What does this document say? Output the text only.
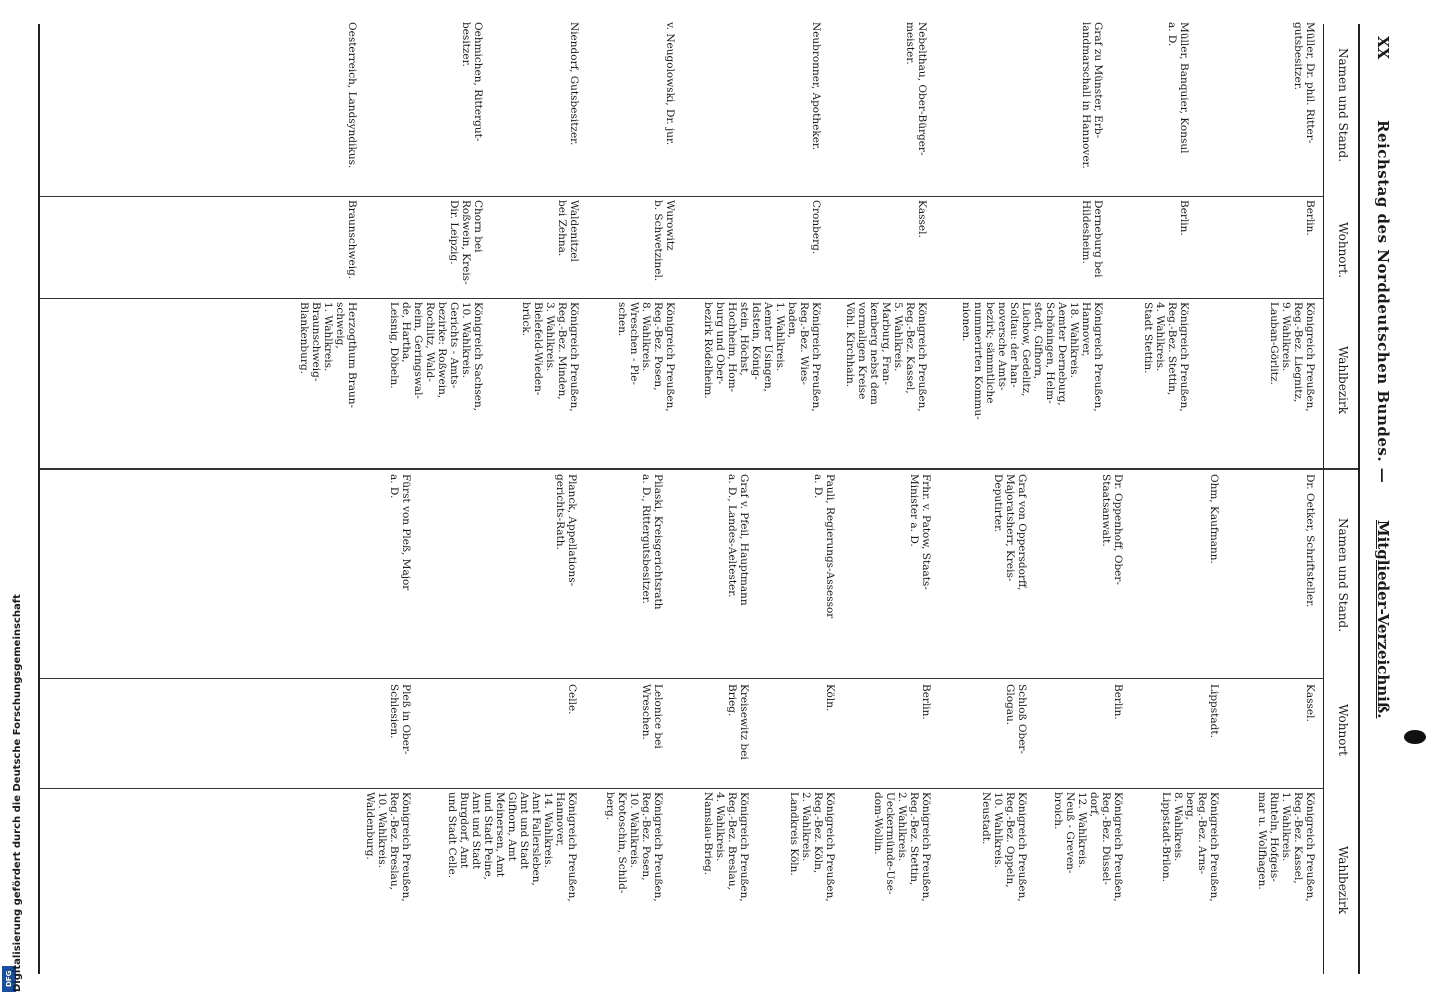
XX
Reichstag des Norddeutschen Bundes. —
Mitglieder-Verzeichniß.
Namen und Stand.
Wohnort.
Wahlbezirk
Namen und Stand.
Wohnort
Wahlbezirk
Müller, Dr. phil. Ritter-
gutsbesitzer.
Berlin.
Königreich Preußen,
Reg.-Bez. Liegnitz,
9. Wahlkreis.
Lauban-Görlitz.
Müller, Banquier, Konsul
a. D.
Berlin.
Königreich Preußen,
Reg.-Bez. Stettin,
4. Wahlkreis.
Stadt Stettin.
Graf zu Münster, Erb-
landmarschall in Hannover.
Derneburg bei
Hildesheim.
Königreich Preußen,
Hannover,
18. Wahlkreis.
Aemter Derneburg,
Schöningen, Helm-
stedt, Gifhorn,
Lüchow, Gedelitz,
Soltau: der han-
noversche Amts-
bezirk; sämmtliche
nummerirten Kommu-
nionen.
Nebelthau, Ober-Bürger-
meister.
Kassel.
Königreich Preußen,
Reg.-Bez. Kassel,
5. Wahlkreis.
Marburg, Fran-
kenberg nebst dem
vormaligen Kreise
Vöhl. Kirchhain.
Neubronner, Apotheker.
Cronberg.
Königreich Preußen,
Reg.-Bez. Wies-
baden,
1. Wahlkreis.
Aemter Usingen,
Idstein, König-
stein, Höchst,
Hochheim, Hom-
burg und Ober-
bezirk Rödelheim.
v. Neugolowski, Dr. jur.
Wurowitz
b. Schwetzinel.
Königreich Preußen,
Reg.-Bez. Posen,
8. Wahlkreis.
Wreschen - Ple-
schen.
Niendorf, Gutsbesitzer.
Waldenitzel
bei Zehna.
Königreich Preußen,
Reg.-Bez. Minden,
3. Wahlkreis.
Bielefeld-Wieden-
brück.
Oehmichen, Rittergut-
besitzer.
Chorn bei
Roßwein, Kreis-
Dir. Leipzig.
Königreich Sachsen,
10. Wahlkreis.
Gerichts - Amts-
bezirke: Roßwein,
Rochlitz, Wald-
heim, Geringswal-
de, Hartha,
Leisnig, Döbeln.
Oesterreich, Landsyndikus.
Braunschweig.
Herzogthum Braun-
schweig,
1. Wahlkreis.
Braunschweig-
Blankenburg.
Dr. Oetker, Schriftsteller.
Kassel.
Königreich Preußen,
Reg.-Bez. Kassel,
1. Wahlkreis.
Rinteln, Hofgeis-
mar u. Wolfhagen.
Ohm, Kaufmann.
Lippstadt.
Königreich Preußen,
Reg.-Bez. Arns-
berg,
8. Wahlkreis.
Lippstadt-Brilon.
Dr. Oppenhoff, Ober-
Staatsanwalt.
Berlin.
Königreich Preußen,
Reg.-Bez. Düssel-
dorf,
12. Wahlkreis.
Neuß - Greven-
broich.
Graf von Oppersdorff,
Majoratsherr, Kreis-
Deputirter.
Schloß Ober-
Glogau.
Königreich Preußen,
Reg.-Bez. Oppeln,
10. Wahlkreis.
Neustadt.
Frhr. v. Patow, Staats-
Minister a. D.
Berlin.
Königreich Preußen,
Reg.-Bez. Stettin,
2. Wahlkreis.
Ueckermünde-Use-
dom-Wollin.
Pauli, Regierungs-Assessor
a. D.
Köln.
Königreich Preußen,
Reg.-Bez. Köln,
2. Wahlkreis.
Landkreis Köln.
Graf v. Pfeil, Hauptmann
a. D., Landes-Aeltester.
Kreisewitz bei
Brieg.
Königreich Preußen,
Reg.-Bez. Breslau,
4. Wahlkreis.
Namslau-Brieg.
Pilaski, Kreisgerichtsrath
a. D., Rittergutsbesitzer.
Lelonice bei
Wreschen.
Königreich Preußen,
Reg.-Bez. Posen,
10. Wahlkreis.
Krotoschin, Schild-
berg.
Planck, Appellations-
gerichts-Rath.
Celle.
Königreich Preußen,
Hannover,
14. Wahlkreis.
Amt Fallersleben,
Amt und Stadt
Gifhorn, Amt
Meinersen, Amt
und Stadt Peine,
Amt und Stadt
Burgdorf, Amt
und Stadt Celle.
Fürst von Pleß, Major
a. D.
Pleß in Ober-
Schlesien.
Königreich Preußen,
Reg.-Bez. Breslau,
10. Wahlkreis.
Waldenburg.
DFG Digitalisierung gefördert durch die Deutsche Forschungsgemeinschaft
